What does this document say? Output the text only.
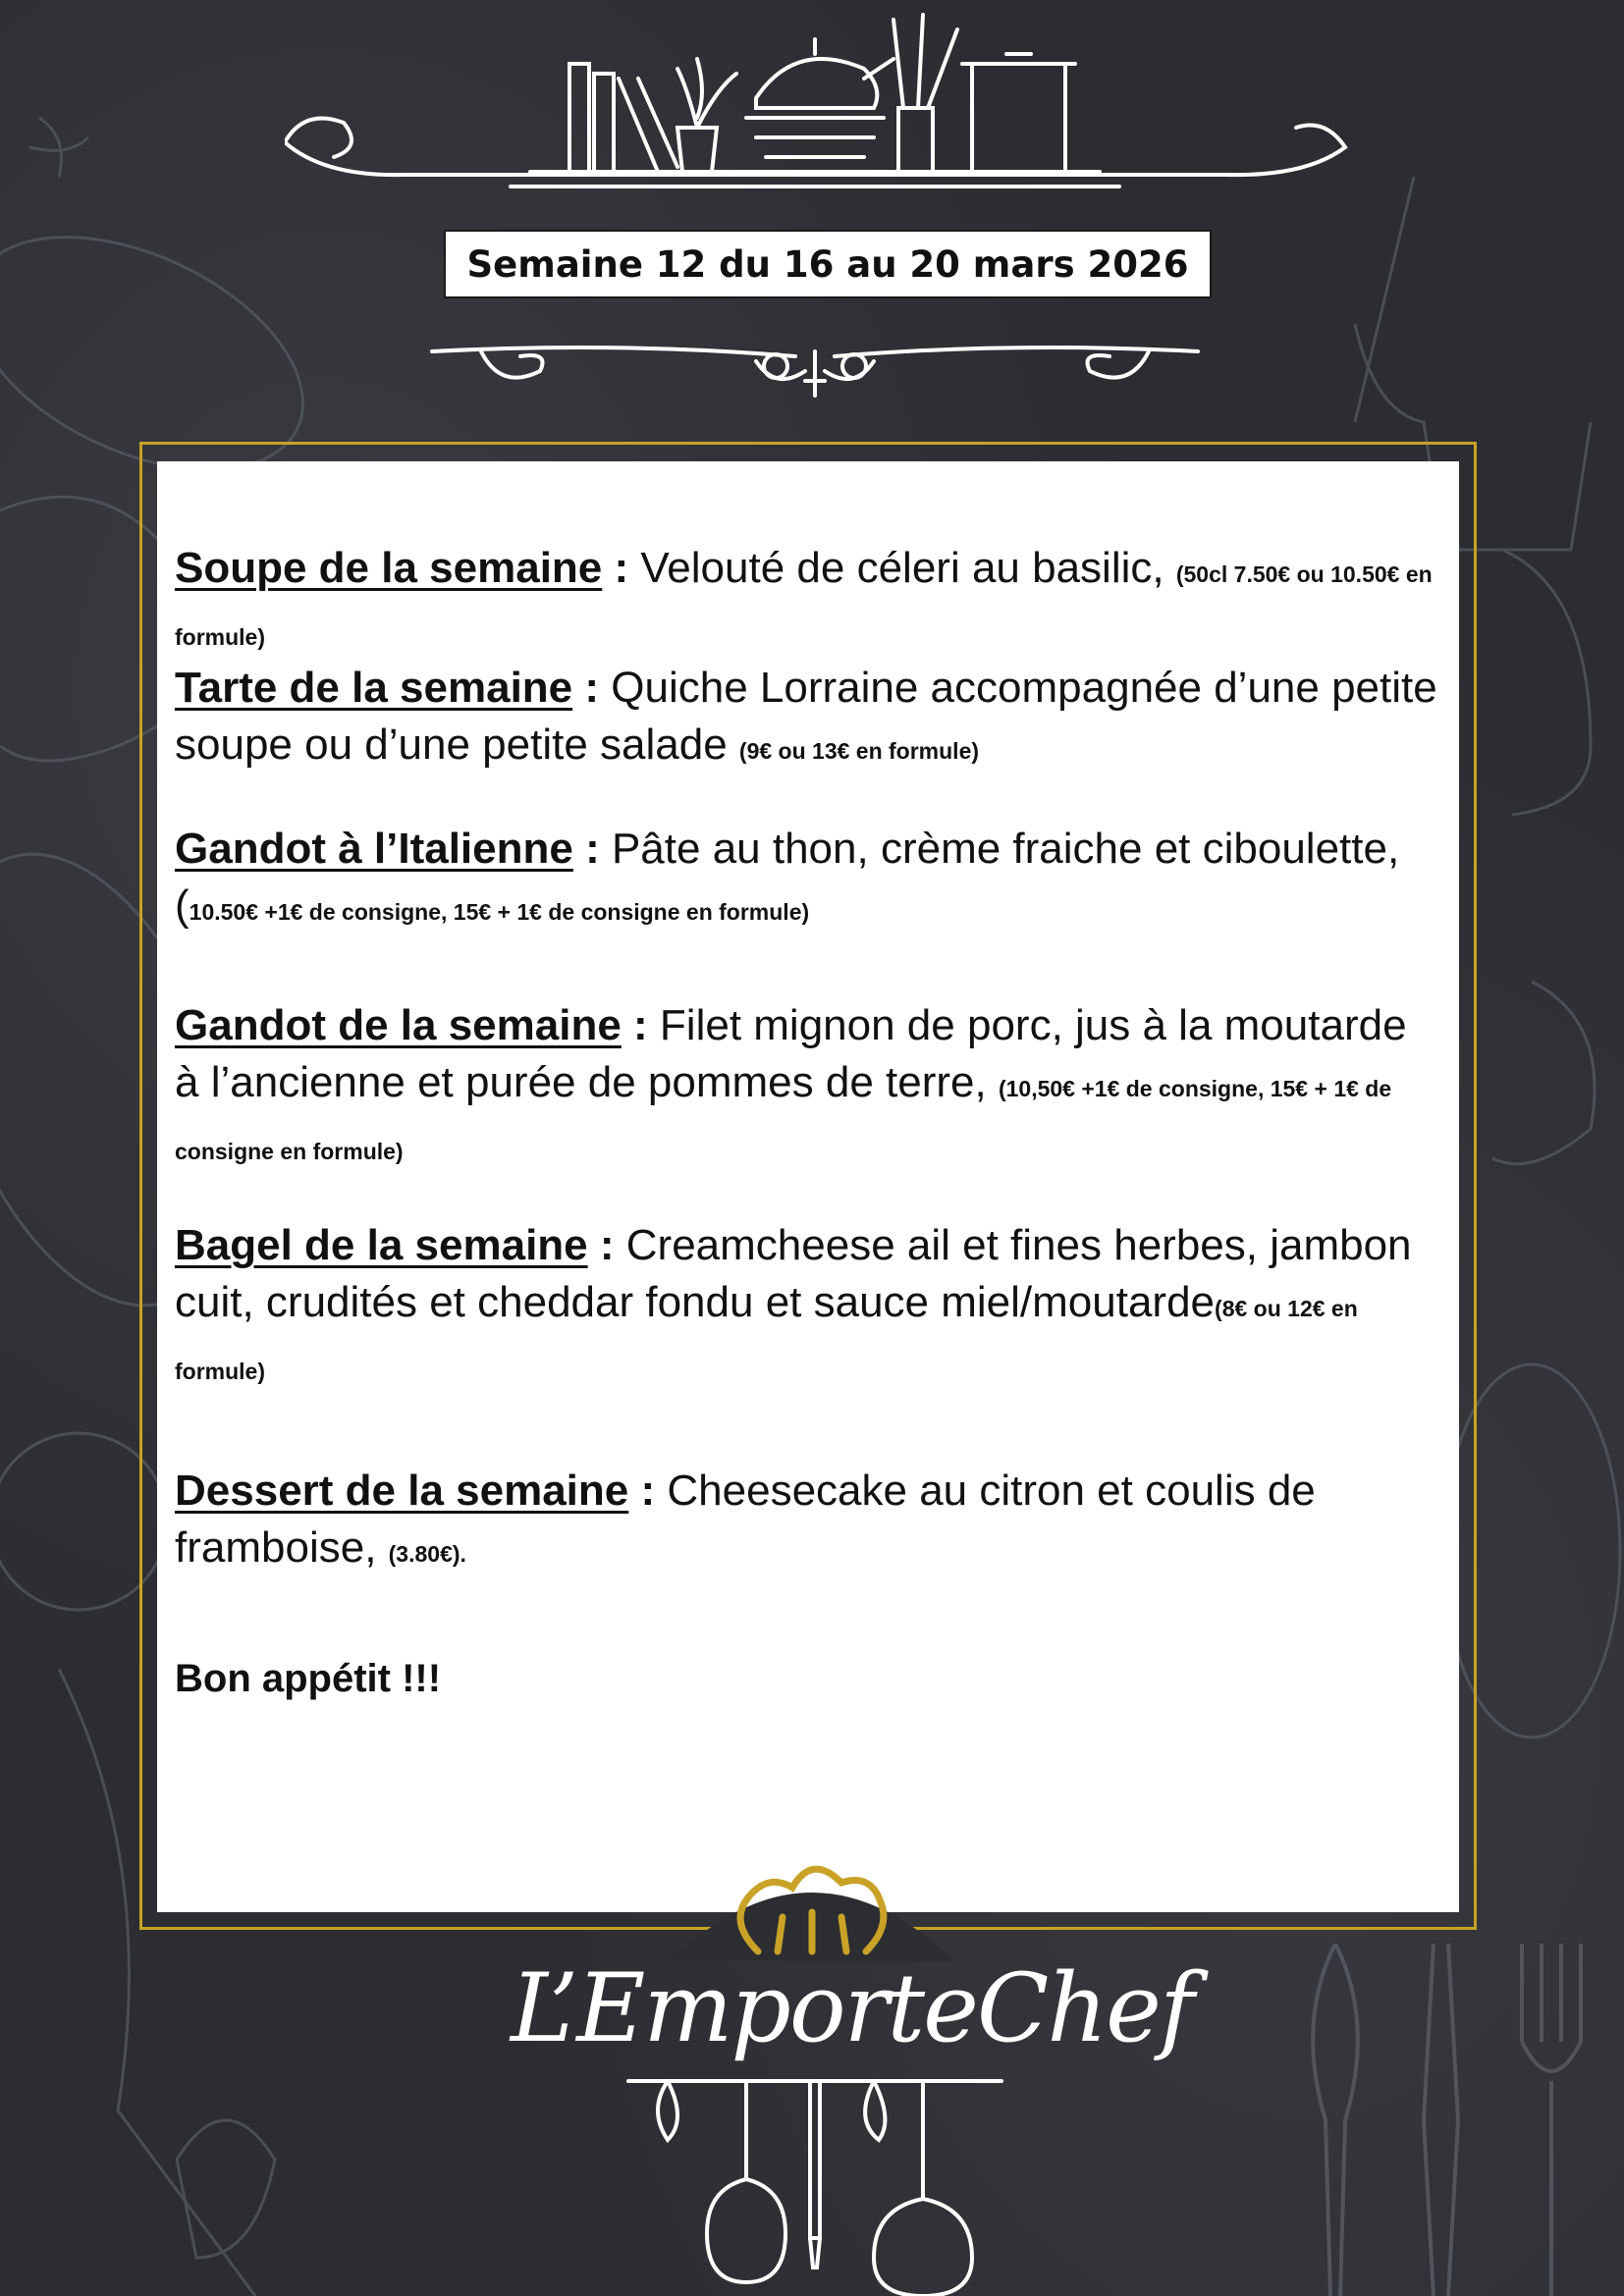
Semaine 12 du 16 au 20 mars 2026
Soupe de la semaine : Velouté de céleri au basilic, (50cl 7.50€ ou 10.50€ en formule)
Tarte de la semaine : Quiche Lorraine accompagnée d’une petite soupe ou d’une petite salade (9€ ou 13€ en formule)
Gandot à l’Italienne : Pâte au thon, crème fraiche et ciboulette, (10.50€ +1€ de consigne, 15€ + 1€ de consigne en formule)
Gandot de la semaine : Filet mignon de porc, jus à la moutarde à l’ancienne et purée de pommes de terre, (10,50€ +1€ de consigne, 15€ + 1€ de consigne en formule)
Bagel de la semaine : Creamcheese ail et fines herbes, jambon cuit, crudités et cheddar fondu et sauce miel/moutarde(8€ ou 12€ en formule)
Dessert de la semaine : Cheesecake au citron et coulis de framboise, (3.80€).
Bon appétit !!!
L’EmporteChef
